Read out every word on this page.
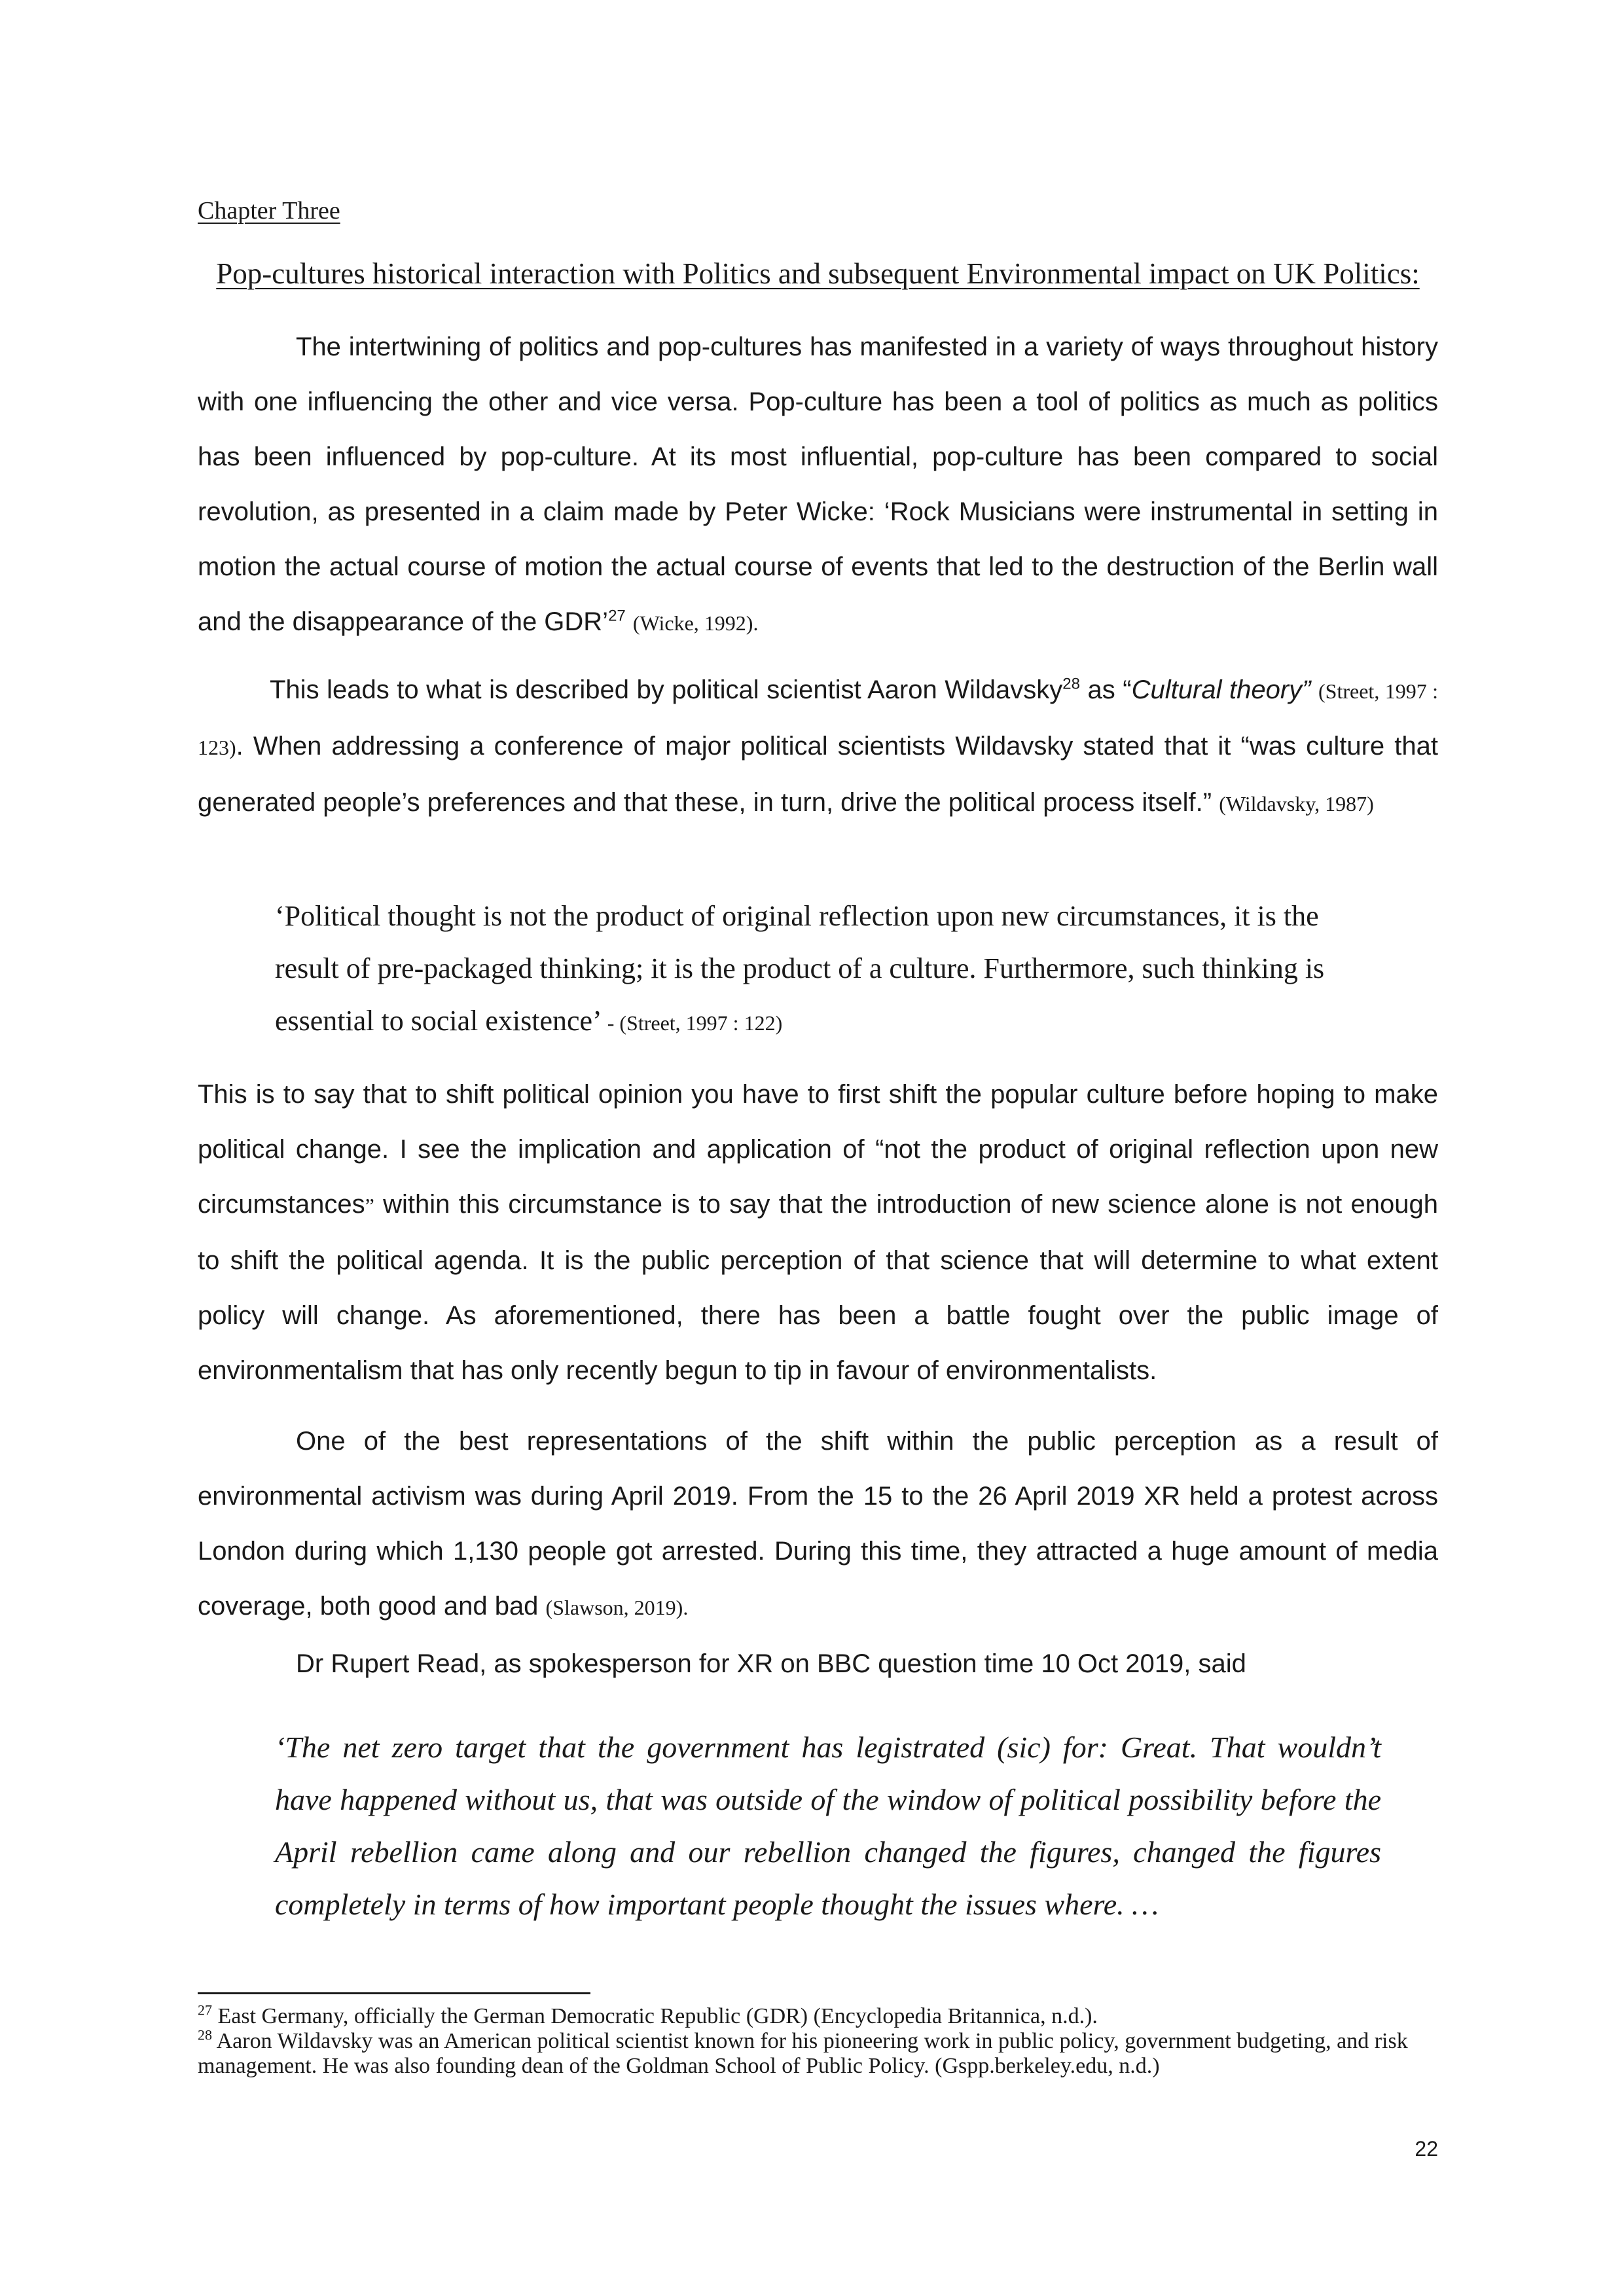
Chapter Three
Pop-cultures historical interaction with Politics and subsequent Environmental impact on UK Politics:

The intertwining of politics and pop-cultures has manifested in a variety of ways throughout history with one influencing the other and vice versa. Pop-culture has been a tool of politics as much as politics has been influenced by pop-culture. At its most influential, pop-culture has been compared to social revolution, as presented in a claim made by Peter Wicke: ‘Rock Musicians were instrumental in setting in motion the actual course of motion the actual course of events that led to the destruction of the Berlin wall and the disappearance of the GDR’$^{27}$ (Wicke, 1992).

This leads to what is described by political scientist Aaron Wildavsky$^{28}$ as “Cultural theory” (Street, 1997 : 123). When addressing a conference of major political scientists Wildavsky stated that it “was culture that generated people’s preferences and that these, in turn, drive the political process itself.” (Wildavsky, 1987)

‘Political thought is not the product of original reflection upon new circumstances, it is the result of pre-packaged thinking; it is the product of a culture. Furthermore, such thinking is essential to social existence’ - (Street, 1997 : 122)

This is to say that to shift political opinion you have to first shift the popular culture before hoping to make political change. I see the implication and application of “not the product of original reflection upon new circumstances” within this circumstance is to say that the introduction of new science alone is not enough to shift the political agenda. It is the public perception of that science that will determine to what extent policy will change. As aforementioned, there has been a battle fought over the public image of environmentalism that has only recently begun to tip in favour of environmentalists.

One of the best representations of the shift within the public perception as a result of environmental activism was during April 2019. From the 15 to the 26 April 2019 XR held a protest across London during which 1,130 people got arrested. During this time, they attracted a huge amount of media coverage, both good and bad (Slawson, 2019).

Dr Rupert Read, as spokesperson for XR on BBC question time 10 Oct 2019, said

‘The net zero target that the government has legistrated (sic) for: Great. That wouldn’t have happened without us, that was outside of the window of political possibility before the April rebellion came along and our rebellion changed the figures, changed the figures completely in terms of how important people thought the issues where. …

$^{27}$ East Germany, officially the German Democratic Republic (GDR) (Encyclopedia Britannica, n.d.).

$^{28}$ Aaron Wildavsky was an American political scientist known for his pioneering work in public policy, government budgeting, and risk management. He was also founding dean of the Goldman School of Public Policy. (Gspp.berkeley.edu, n.d.)

22
